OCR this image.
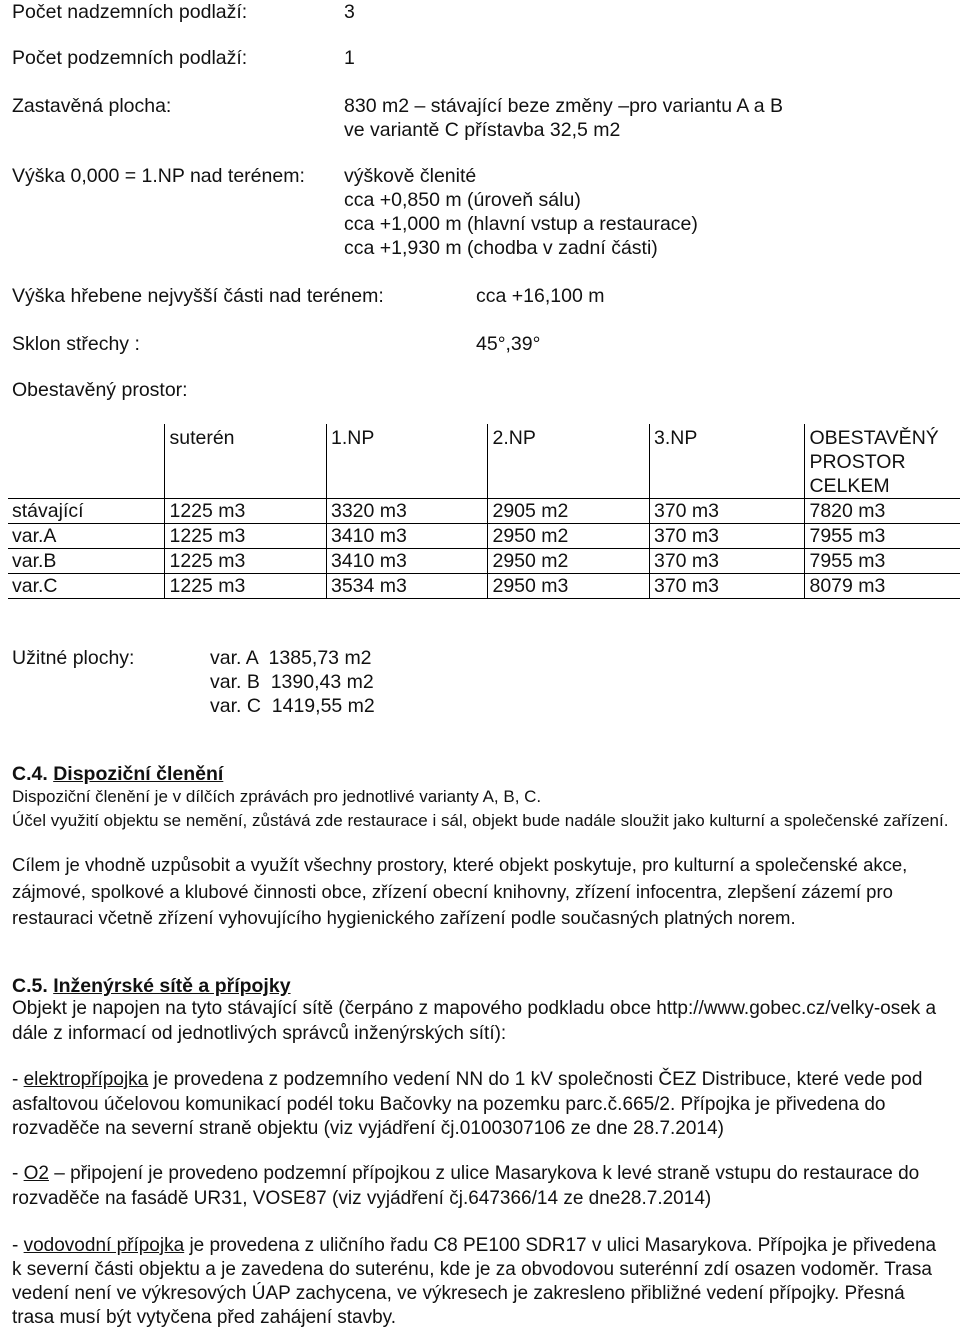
Počet nadzemních podlaží:	3
Počet podzemních podlaží:	1
Zastavěná plocha:	830 m2 – stávající beze změny –pro variantu A a B
ve variantě C přístavba 32,5 m2
Výška 0,000 = 1.NP nad terénem: výškově členité
cca +0,850 m (úroveň sálu)
cca +1,000 m (hlavní vstup a restaurace)
cca +1,930 m (chodba v zadní části)
Výška hřebene nejvyšší části nad terénem:	cca +16,100 m
Sklon střechy :	45°,39°
Obestavěný prostor:
	suterén	1.NP	2.NP	3.NP	OBESTAVĚNÝ PROSTOR CELKEM
stávající	1225 m3	3320 m3	2905 m2	370 m3	7820 m3
var.A	1225 m3	3410 m3	2950 m2	370 m3	7955 m3
var.B	1225 m3	3410 m3	2950 m2	370 m3	7955 m3
var.C	1225 m3	3534 m3	2950 m3	370 m3	8079 m3
Užitné plochy:	var. A  1385,73 m2
var. B  1390,43 m2
var. C  1419,55 m2
C.4. Dispoziční členění
Dispoziční členění je v dílčích zprávách pro jednotlivé varianty A, B, C.
Účel využití objektu se nemění, zůstává zde restaurace i sál, objekt bude nadále sloužit jako kulturní a společenské zařízení.
Cílem je vhodně uzpůsobit a využít všechny prostory, které objekt poskytuje, pro kulturní a společenské akce, zájmové, spolkové a klubové činnosti obce, zřízení obecní knihovny, zřízení infocentra, zlepšení zázemí pro restauraci včetně zřízení vyhovujícího hygienického zařízení podle současných platných norem.
C.5. Inženýrské sítě a přípojky
Objekt je napojen na tyto stávající sítě (čerpáno z mapového podkladu obce http://www.gobec.cz/velky-osek a dále z informací od jednotlivých správců inženýrských sítí):
- elektropřípojka je provedena z podzemního vedení NN do 1 kV společnosti ČEZ Distribuce, které vede pod asfaltovou účelovou komunikací podél toku Bačovky na pozemku parc.č.665/2. Přípojka je přivedena do rozvaděče na severní straně objektu (viz vyjádření čj.0100307106 ze dne 28.7.2014)
- O2 – připojení je provedeno podzemní přípojkou z ulice Masarykova k levé straně vstupu do restaurace do rozvaděče na fasádě UR31, VOSE87 (viz vyjádření čj.647366/14 ze dne28.7.2014)
- vodovodní přípojka je provedena z uličního řadu C8 PE100 SDR17 v ulici Masarykova. Přípojka je přivedena k severní části objektu a je zavedena do suterénu, kde je za obvodovou suterénní zdí osazen vodoměr. Trasa vedení není ve výkresových ÚAP zachycena, ve výkresech je zakresleno přibližné vedení přípojky. Přesná trasa musí být vytyčena před zahájení stavby.
